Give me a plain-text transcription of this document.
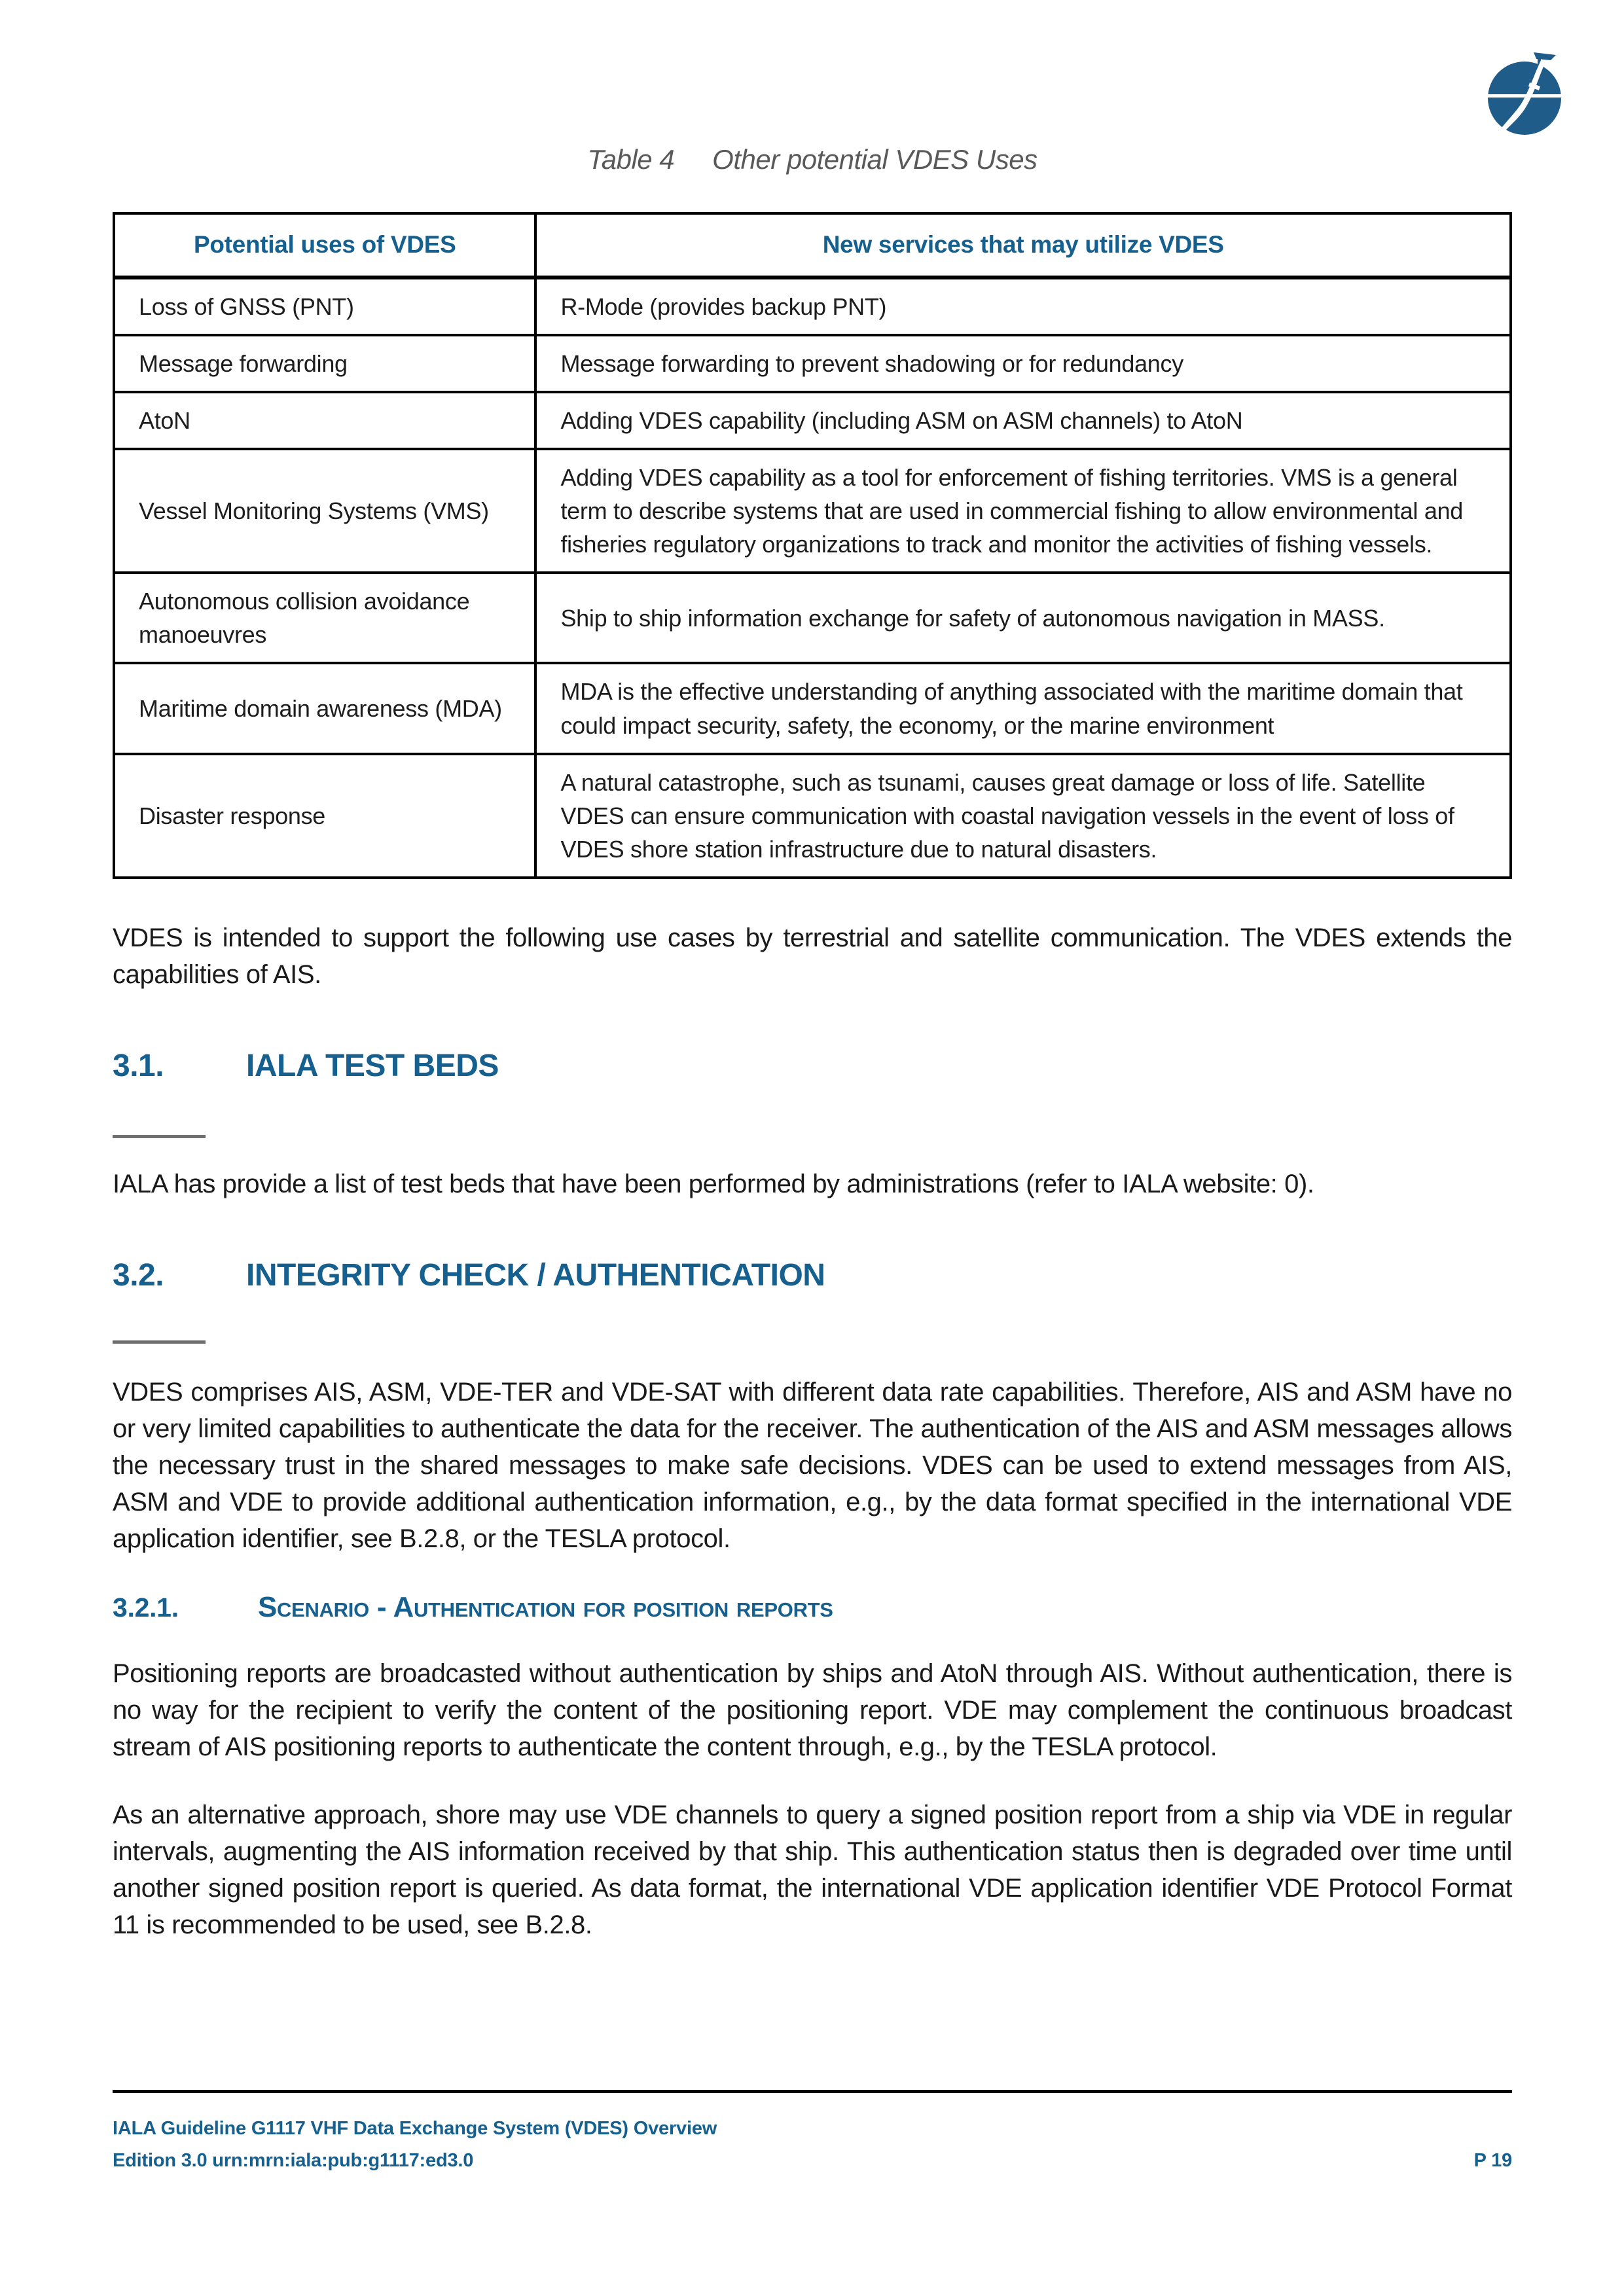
Table 4 Other potential VDES Uses
Potential uses of VDES	New services that may utilize VDES
Loss of GNSS (PNT)	R-Mode (provides backup PNT)
Message forwarding	Message forwarding to prevent shadowing or for redundancy
AtoN	Adding VDES capability (including ASM on ASM channels) to AtoN
Vessel Monitoring Systems (VMS)	Adding VDES capability as a tool for enforcement of fishing territories. VMS is a general term to describe systems that are used in commercial fishing to allow environmental and fisheries regulatory organizations to track and monitor the activities of fishing vessels.
Autonomous collision avoidance manoeuvres	Ship to ship information exchange for safety of autonomous navigation in MASS.
Maritime domain awareness (MDA)	MDA is the effective understanding of anything associated with the maritime domain that could impact security, safety, the economy, or the marine environment
Disaster response	A natural catastrophe, such as tsunami, causes great damage or loss of life. Satellite VDES can ensure communication with coastal navigation vessels in the event of loss of VDES shore station infrastructure due to natural disasters.

VDES is intended to support the following use cases by terrestrial and satellite communication. The VDES extends the capabilities of AIS.

3.1.	IALA TEST BEDS

IALA has provide a list of test beds that have been performed by administrations (refer to IALA website: 0).

3.2.	INTEGRITY CHECK / AUTHENTICATION

VDES comprises AIS, ASM, VDE-TER and VDE-SAT with different data rate capabilities. Therefore, AIS and ASM have no or very limited capabilities to authenticate the data for the receiver. The authentication of the AIS and ASM messages allows the necessary trust in the shared messages to make safe decisions. VDES can be used to extend messages from AIS, ASM and VDE to provide additional authentication information, e.g., by the data format specified in the international VDE application identifier, see B.2.8, or the TESLA protocol.

3.2.1.	Scenario - Authentication for position reports

Positioning reports are broadcasted without authentication by ships and AtoN through AIS. Without authentication, there is no way for the recipient to verify the content of the positioning report. VDE may complement the continuous broadcast stream of AIS positioning reports to authenticate the content through, e.g., by the TESLA protocol.

As an alternative approach, shore may use VDE channels to query a signed position report from a ship via VDE in regular intervals, augmenting the AIS information received by that ship. This authentication status then is degraded over time until another signed position report is queried. As data format, the international VDE application identifier VDE Protocol Format 11 is recommended to be used, see B.2.8.

IALA Guideline G1117 VHF Data Exchange System (VDES) Overview
Edition 3.0 urn:mrn:iala:pub:g1117:ed3.0	P 19
